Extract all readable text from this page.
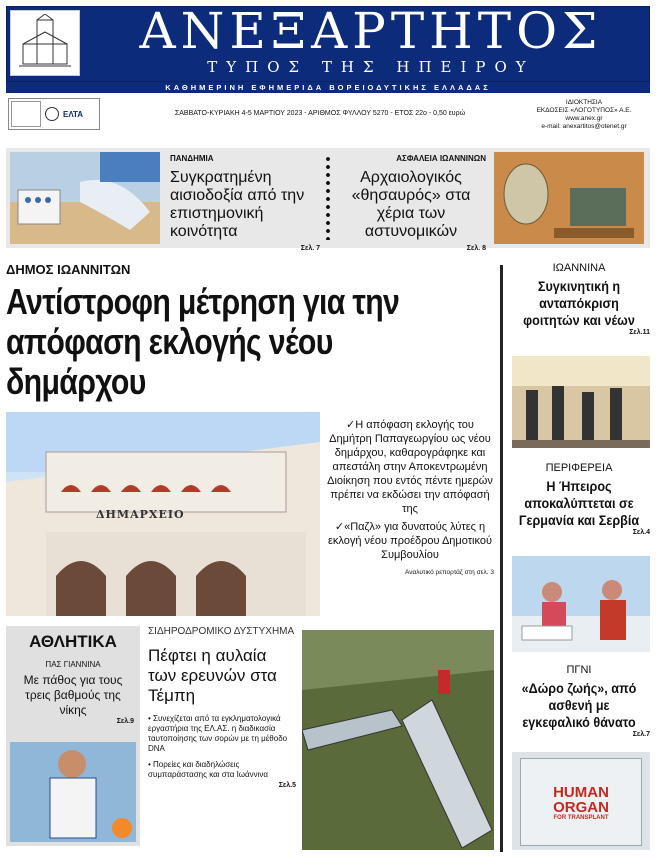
ΑΝΕΞΑΡΤΗΤΟΣ
ΤΥΠΟΣ ΤΗΣ ΗΠΕΙΡΟΥ
ΚΑΘΗΜΕΡΙΝΗ ΕΦΗΜΕΡΙΔΑ ΒΟΡΕΙΟΔΥΤΙΚΗΣ ΕΛΛΑΔΑΣ
ΕΛΤΑ	ΣΑΒΒΑΤΟ-ΚΥΡΙΑΚΗ 4-5 ΜΑΡΤΙΟΥ 2023 - ΑΡΙΘΜΟΣ ΦΥΛΛΟΥ 5270 - ΕΤΟΣ 22ο - 0,50 ευρώ
ΙΔΙΟΚΤΗΣΙΑ
ΕΚΔΟΣΕΙΣ «ΛΟΓΟΤΥΠΟΣ» Α.Ε.
www.anex.gr
e-mail: anexartitos@otenet.gr
ΠΑΝΔΗΜΙΑ
Συγκρατημένη αισιοδοξία από την επιστημονική κοινότητα
Σελ. 7
ΑΣΦΑΛΕΙΑ ΙΩΑΝΝΙΝΩΝ
Αρχαιολογικός «θησαυρός» στα χέρια των αστυνομικών
Σελ. 8
ΔΗΜΟΣ ΙΩΑΝΝΙΤΩΝ
Αντίστροφη μέτρηση για την απόφαση εκλογής νέου δημάρχου
ΔΗΜΑΡΧΕΙΟ

✓Η απόφαση εκλογής του Δημήτρη Παπαγεωργίου ως νέου δημάρχου, καθαρογράφηκε και απεστάλη στην Αποκεντρωμένη Διοίκηση που εντός πέντε ημερών πρέπει να εκδώσει την απόφασή της

✓«Παζλ» για δυνατούς λύτες η εκλογή νέου προέδρου Δημοτικού Συμβουλίου

Αναλυτικό ρεπορτάζ στη σελ. 3
ΙΩΑΝΝΙΝΑ
Συγκινητική η ανταπόκριση φοιτητών και νέων
Σελ.11
ΠΕΡΙΦΕΡΕΙΑ
Η Ήπειρος αποκαλύπτεται σε Γερμανία και Σερβία
Σελ.4
ΠΓΝΙ
«Δώρο ζωής», από ασθενή με εγκεφαλικό θάνατο
Σελ.7
HUMAN
ORGAN
FOR TRANSPLANT
ΑΘΛΗΤΙΚΑ
ΠΑΣ ΓΙΑΝΝΙΝΑ
Με πάθος για τους τρεις βαθμούς της νίκης
Σελ.9
ΣΙΔΗΡΟΔΡΟΜΙΚΟ ΔΥΣΤΥΧΗΜΑ
Πέφτει η αυλαία των ερευνών στα Τέμπη
• Συνεχίζεται από τα εγκληματολογικά εργαστήρια της ΕΛ.ΑΣ. η διαδικασία ταυτοποίησης των σορών με τη μέθοδο DNA
• Πορείες και διαδηλώσεις συμπαράστασης και στα Ιωάννινα
Σελ.5
